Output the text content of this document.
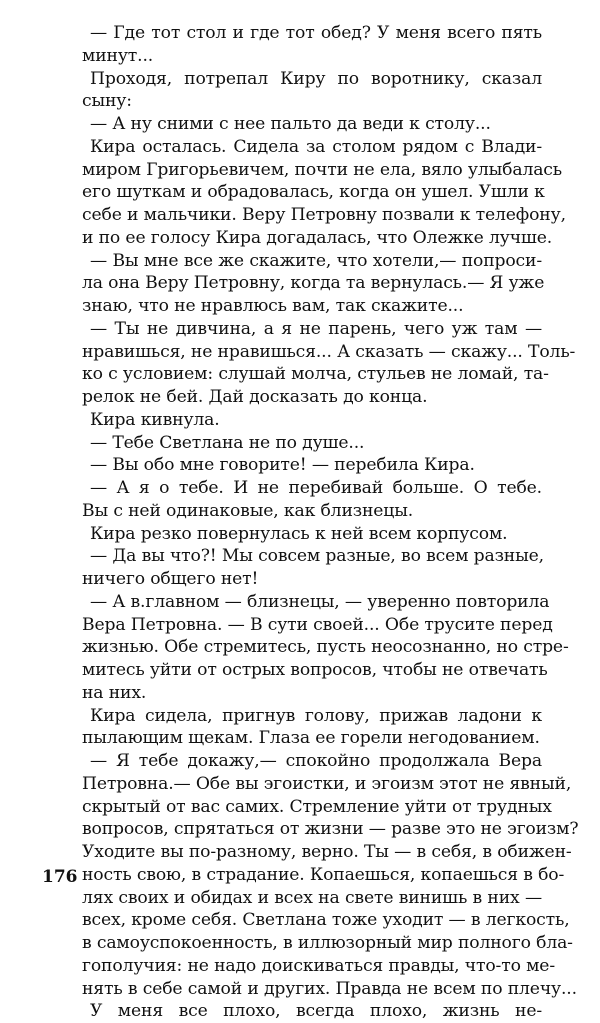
— Где тот стол и где тот обед? У меня всего пять
минут...
Проходя, потрепал Киру по воротнику, сказал
сыну:
— А ну сними с нее пальто да веди к столу...
Кира осталась. Сидела за столом рядом с Влади-
миром Григорьевичем, почти не ела, вяло улыбалась
его шуткам и обрадовалась, когда он ушел. Ушли к
себе и мальчики. Веру Петровну позвали к телефону,
и по ее голосу Кира догадалась, что Олежке лучше.
— Вы мне все же скажите, что хотели,— попроси-
ла она Веру Петровну, когда та вернулась.— Я уже
знаю, что не нравлюсь вам, так скажите...
— Ты не дивчина, а я не парень, чего уж там —
нравишься, не нравишься... А сказать — скажу... Толь-
ко с условием: слушай молча, стульев не ломай, та-
релок не бей. Дай досказать до конца.
Кира кивнула.
— Тебе Светлана не по душе...
— Вы обо мне говорите! — перебила Кира.
— А я о тебе. И не перебивай больше. О тебе.
Вы с ней одинаковые, как близнецы.
Кира резко повернулась к ней всем корпусом.
— Да вы что?! Мы совсем разные, во всем разные,
ничего общего нет!
— А в.главном — близнецы, — уверенно повторила
Вера Петровна. — В сути своей... Обе трусите перед
жизнью. Обе стремитесь, пусть неосознанно, но стре-
митесь уйти от острых вопросов, чтобы не отвечать
на них.
Кира сидела, пригнув голову, прижав ладони к
пылающим щекам. Глаза ее горели негодованием.
— Я тебе докажу,— спокойно продолжала Вера
Петровна.— Обе вы эгоистки, и эгоизм этот не явный,
скрытый от вас самих. Стремление уйти от трудных
вопросов, спрятаться от жизни — разве это не эгоизм?
Уходите вы по-разному, верно. Ты — в себя, в обижен-
ность свою, в страдание. Копаешься, копаешься в бо-
лях своих и обидах и всех на свете винишь в них —
всех, кроме себя. Светлана тоже уходит — в легкость,
в самоуспокоенность, в иллюзорный мир полного бла-
гополучия: не надо доискиваться правды, что-то ме-
нять в себе самой и других. Правда не всем по плечу...
У меня все плохо, всегда плохо, жизнь не-
176
